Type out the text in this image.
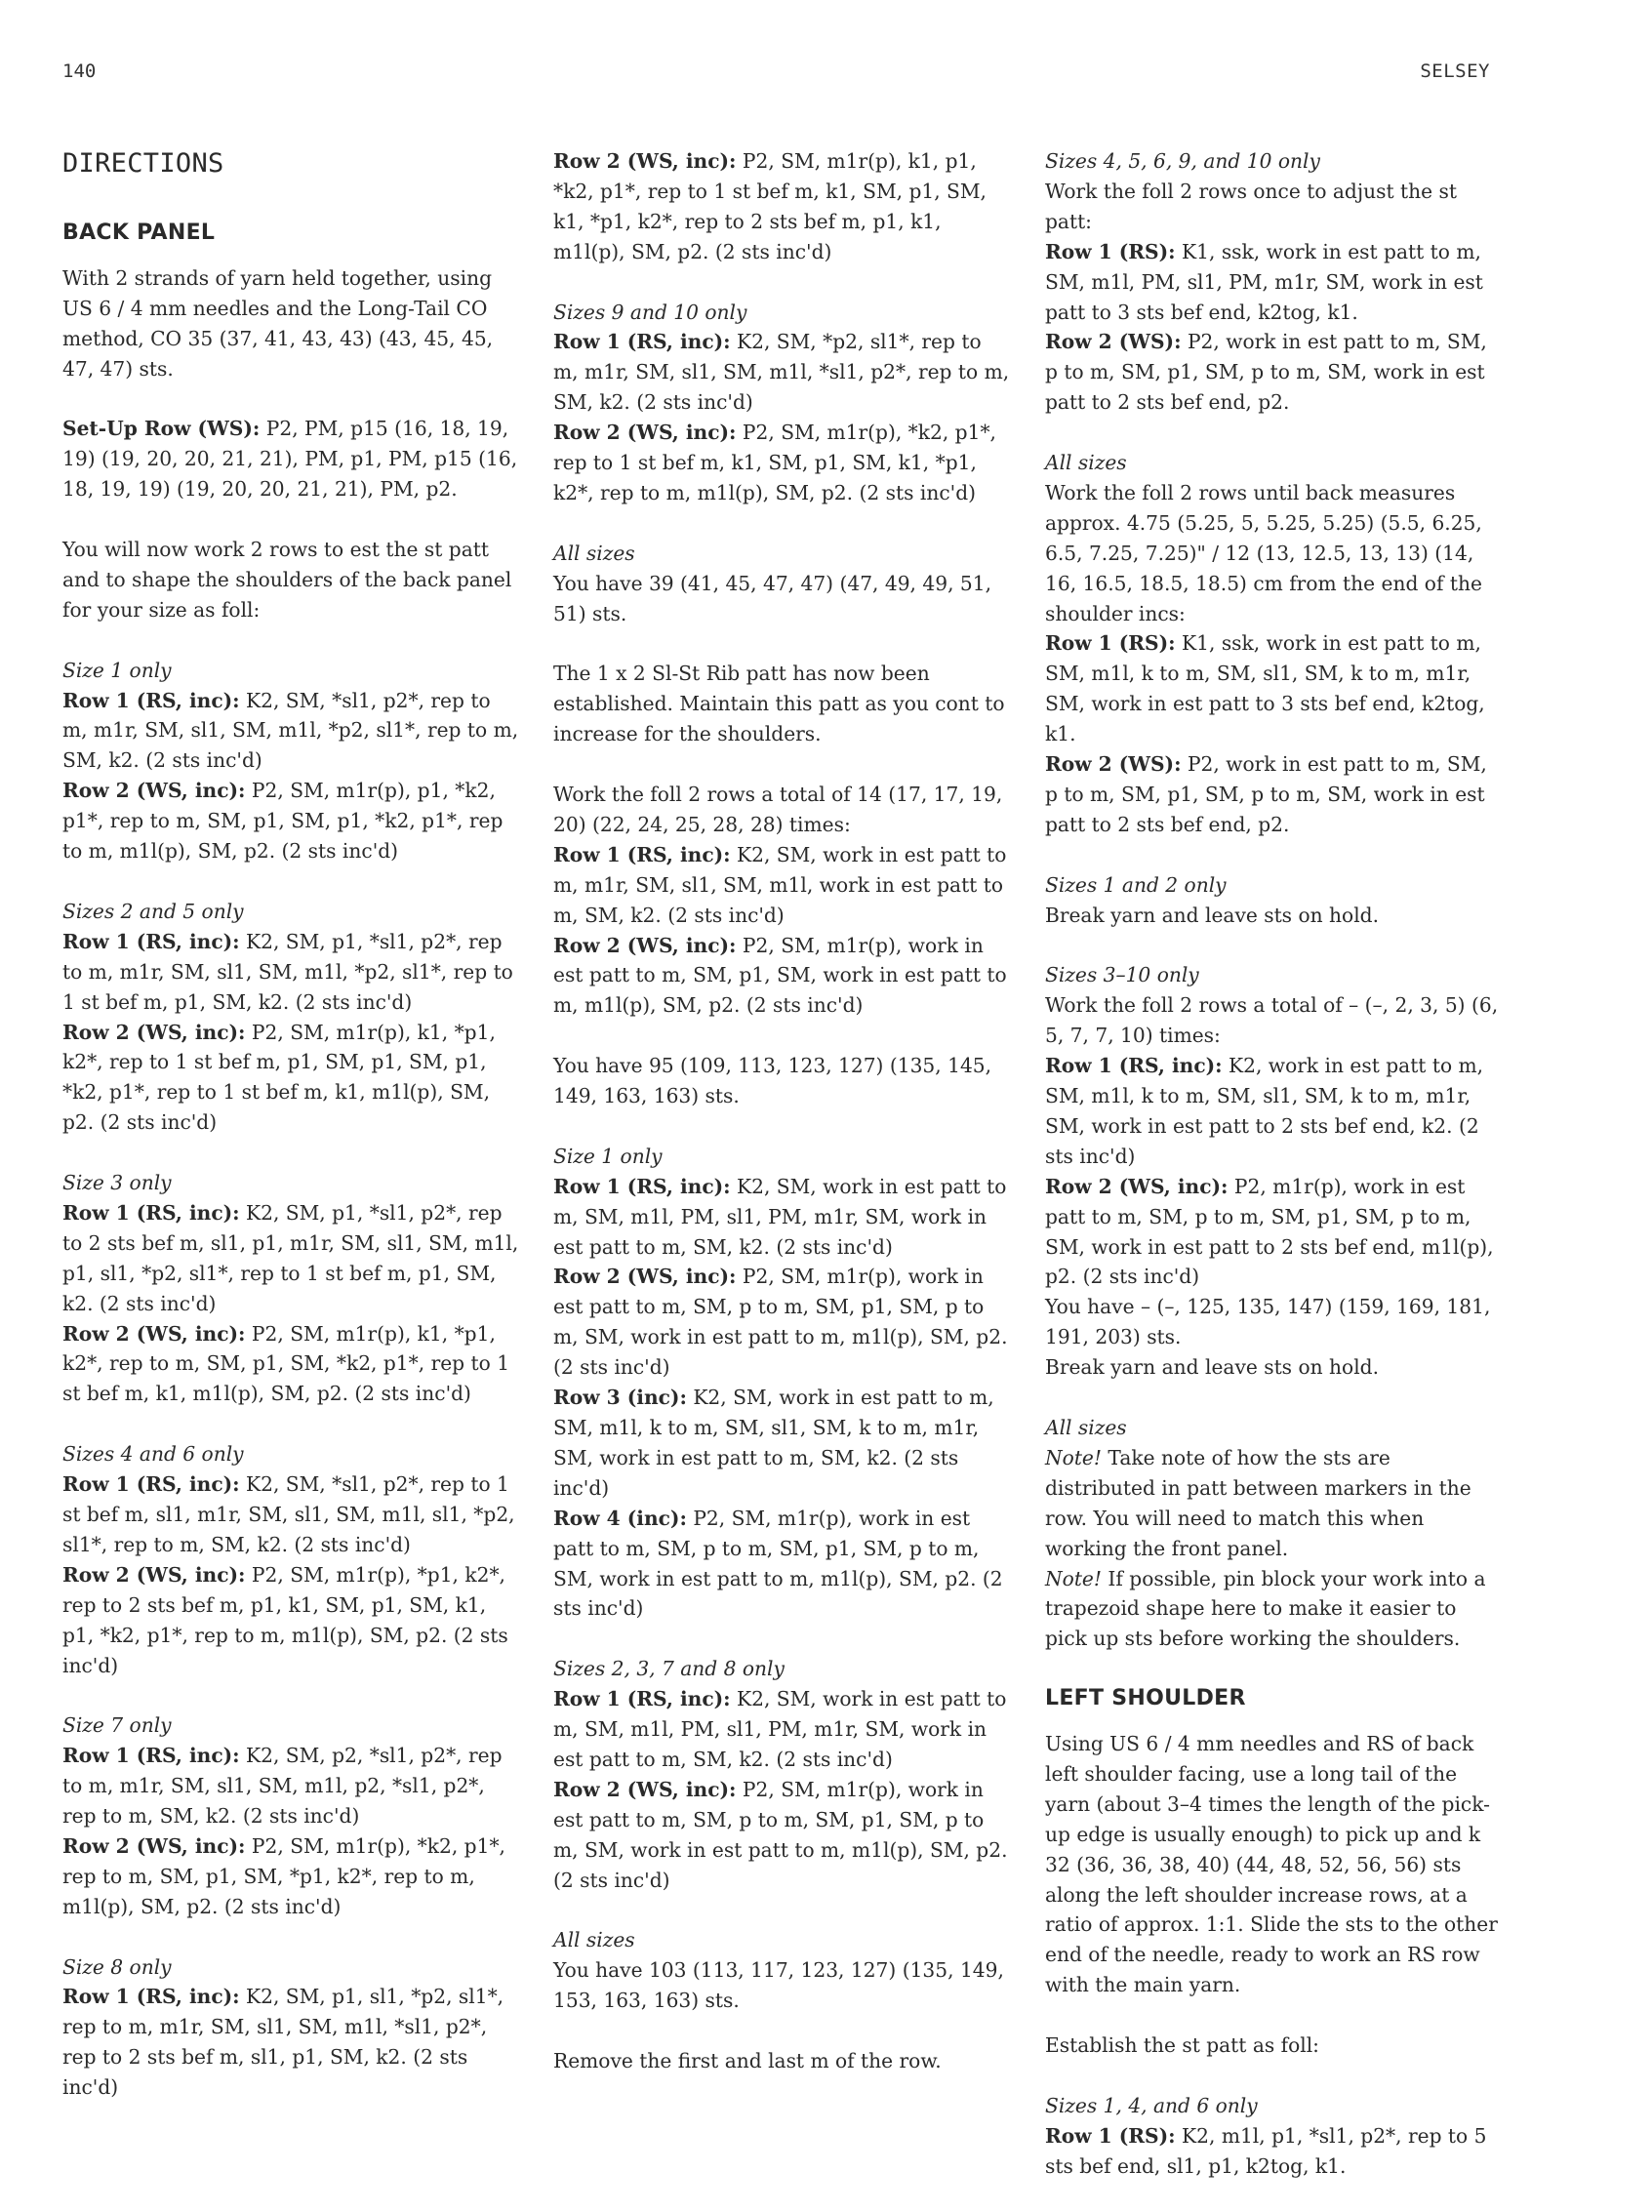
140	SELSEY
DIRECTIONS
BACK PANEL

With 2 strands of yarn held together, using US 6 / 4 mm needles and the Long-Tail CO method, CO 35 (37, 41, 43, 43) (43, 45, 45, 47, 47) sts.

Set-Up Row (WS): P2, PM, p15 (16, 18, 19, 19) (19, 20, 20, 21, 21), PM, p1, PM, p15 (16, 18, 19, 19) (19, 20, 20, 21, 21), PM, p2.

You will now work 2 rows to est the st patt and to shape the shoulders of the back panel for your size as foll:

Size 1 only

Row 1 (RS, inc): K2, SM, *sl1, p2*, rep to m, m1r, SM, sl1, SM, m1l, *p2, sl1*, rep to m, SM, k2. (2 sts inc'd)

Row 2 (WS, inc): P2, SM, m1r(p), p1, *k2, p1*, rep to m, SM, p1, SM, p1, *k2, p1*, rep to m, m1l(p), SM, p2. (2 sts inc'd)

Sizes 2 and 5 only

Row 1 (RS, inc): K2, SM, p1, *sl1, p2*, rep to m, m1r, SM, sl1, SM, m1l, *p2, sl1*, rep to 1 st bef m, p1, SM, k2. (2 sts inc'd)

Row 2 (WS, inc): P2, SM, m1r(p), k1, *p1, k2*, rep to 1 st bef m, p1, SM, p1, SM, p1, *k2, p1*, rep to 1 st bef m, k1, m1l(p), SM, p2. (2 sts inc'd)

Size 3 only

Row 1 (RS, inc): K2, SM, p1, *sl1, p2*, rep to 2 sts bef m, sl1, p1, m1r, SM, sl1, SM, m1l, p1, sl1, *p2, sl1*, rep to 1 st bef m, p1, SM, k2. (2 sts inc'd)

Row 2 (WS, inc): P2, SM, m1r(p), k1, *p1, k2*, rep to m, SM, p1, SM, *k2, p1*, rep to 1 st bef m, k1, m1l(p), SM, p2. (2 sts inc'd)

Sizes 4 and 6 only

Row 1 (RS, inc): K2, SM, *sl1, p2*, rep to 1 st bef m, sl1, m1r, SM, sl1, SM, m1l, sl1, *p2, sl1*, rep to m, SM, k2. (2 sts inc'd)

Row 2 (WS, inc): P2, SM, m1r(p), *p1, k2*, rep to 2 sts bef m, p1, k1, SM, p1, SM, k1, p1, *k2, p1*, rep to m, m1l(p), SM, p2. (2 sts inc'd)

Size 7 only

Row 1 (RS, inc): K2, SM, p2, *sl1, p2*, rep to m, m1r, SM, sl1, SM, m1l, p2, *sl1, p2*, rep to m, SM, k2. (2 sts inc'd)

Row 2 (WS, inc): P2, SM, m1r(p), *k2, p1*, rep to m, SM, p1, SM, *p1, k2*, rep to m, m1l(p), SM, p2. (2 sts inc'd)

Size 8 only

Row 1 (RS, inc): K2, SM, p1, sl1, *p2, sl1*, rep to m, m1r, SM, sl1, SM, m1l, *sl1, p2*, rep to 2 sts bef m, sl1, p1, SM, k2. (2 sts inc'd)

Row 2 (WS, inc): P2, SM, m1r(p), k1, p1, *k2, p1*, rep to 1 st bef m, k1, SM, p1, SM, k1, *p1, k2*, rep to 2 sts bef m, p1, k1, m1l(p), SM, p2. (2 sts inc'd)

Sizes 9 and 10 only

Row 1 (RS, inc): K2, SM, *p2, sl1*, rep to m, m1r, SM, sl1, SM, m1l, *sl1, p2*, rep to m, SM, k2. (2 sts inc'd)

Row 2 (WS, inc): P2, SM, m1r(p), *k2, p1*, rep to 1 st bef m, k1, SM, p1, SM, k1, *p1, k2*, rep to m, m1l(p), SM, p2. (2 sts inc'd)

All sizes

You have 39 (41, 45, 47, 47) (47, 49, 49, 51, 51) sts.

The 1 x 2 Sl-St Rib patt has now been established. Maintain this patt as you cont to increase for the shoulders.

Work the foll 2 rows a total of 14 (17, 17, 19, 20) (22, 24, 25, 28, 28) times:

Row 1 (RS, inc): K2, SM, work in est patt to m, m1r, SM, sl1, SM, m1l, work in est patt to m, SM, k2. (2 sts inc'd)

Row 2 (WS, inc): P2, SM, m1r(p), work in est patt to m, SM, p1, SM, work in est patt to m, m1l(p), SM, p2. (2 sts inc'd)

You have 95 (109, 113, 123, 127) (135, 145, 149, 163, 163) sts.

Size 1 only

Row 1 (RS, inc): K2, SM, work in est patt to m, SM, m1l, PM, sl1, PM, m1r, SM, work in est patt to m, SM, k2. (2 sts inc'd)

Row 2 (WS, inc): P2, SM, m1r(p), work in est patt to m, SM, p to m, SM, p1, SM, p to m, SM, work in est patt to m, m1l(p), SM, p2. (2 sts inc'd)

Row 3 (inc): K2, SM, work in est patt to m, SM, m1l, k to m, SM, sl1, SM, k to m, m1r, SM, work in est patt to m, SM, k2. (2 sts inc'd)

Row 4 (inc): P2, SM, m1r(p), work in est patt to m, SM, p to m, SM, p1, SM, p to m, SM, work in est patt to m, m1l(p), SM, p2. (2 sts inc'd)

Sizes 2, 3, 7 and 8 only

Row 1 (RS, inc): K2, SM, work in est patt to m, SM, m1l, PM, sl1, PM, m1r, SM, work in est patt to m, SM, k2. (2 sts inc'd)

Row 2 (WS, inc): P2, SM, m1r(p), work in est patt to m, SM, p to m, SM, p1, SM, p to m, SM, work in est patt to m, m1l(p), SM, p2. (2 sts inc'd)

All sizes

You have 103 (113, 117, 123, 127) (135, 149, 153, 163, 163) sts.

Remove the first and last m of the row.

Sizes 4, 5, 6, 9, and 10 only

Work the foll 2 rows once to adjust the st patt:

Row 1 (RS): K1, ssk, work in est patt to m, SM, m1l, PM, sl1, PM, m1r, SM, work in est patt to 3 sts bef end, k2tog, k1.

Row 2 (WS): P2, work in est patt to m, SM, p to m, SM, p1, SM, p to m, SM, work in est patt to 2 sts bef end, p2.

All sizes

Work the foll 2 rows until back measures approx. 4.75 (5.25, 5, 5.25, 5.25) (5.5, 6.25, 6.5, 7.25, 7.25)" / 12 (13, 12.5, 13, 13) (14, 16, 16.5, 18.5, 18.5) cm from the end of the shoulder incs:

Row 1 (RS): K1, ssk, work in est patt to m, SM, m1l, k to m, SM, sl1, SM, k to m, m1r, SM, work in est patt to 3 sts bef end, k2tog, k1.

Row 2 (WS): P2, work in est patt to m, SM, p to m, SM, p1, SM, p to m, SM, work in est patt to 2 sts bef end, p2.

Sizes 1 and 2 only

Break yarn and leave sts on hold.

Sizes 3–10 only

Work the foll 2 rows a total of – (–, 2, 3, 5) (6, 5, 7, 7, 10) times:

Row 1 (RS, inc): K2, work in est patt to m, SM, m1l, k to m, SM, sl1, SM, k to m, m1r, SM, work in est patt to 2 sts bef end, k2. (2 sts inc'd)

Row 2 (WS, inc): P2, m1r(p), work in est patt to m, SM, p to m, SM, p1, SM, p to m, SM, work in est patt to 2 sts bef end, m1l(p), p2. (2 sts inc'd)

You have – (–, 125, 135, 147) (159, 169, 181, 191, 203) sts.

Break yarn and leave sts on hold.

All sizes

Note! Take note of how the sts are distributed in patt between markers in the row. You will need to match this when working the front panel.

Note! If possible, pin block your work into a trapezoid shape here to make it easier to pick up sts before working the shoulders.

LEFT SHOULDER

Using US 6 / 4 mm needles and RS of back left shoulder facing, use a long tail of the yarn (about 3–4 times the length of the pick-up edge is usually enough) to pick up and k 32 (36, 36, 38, 40) (44, 48, 52, 56, 56) sts along the left shoulder increase rows, at a ratio of approx. 1:1. Slide the sts to the other end of the needle, ready to work an RS row with the main yarn.

Establish the st patt as foll:

Sizes 1, 4, and 6 only

Row 1 (RS): K2, m1l, p1, *sl1, p2*, rep to 5 sts bef end, sl1, p1, k2tog, k1.
